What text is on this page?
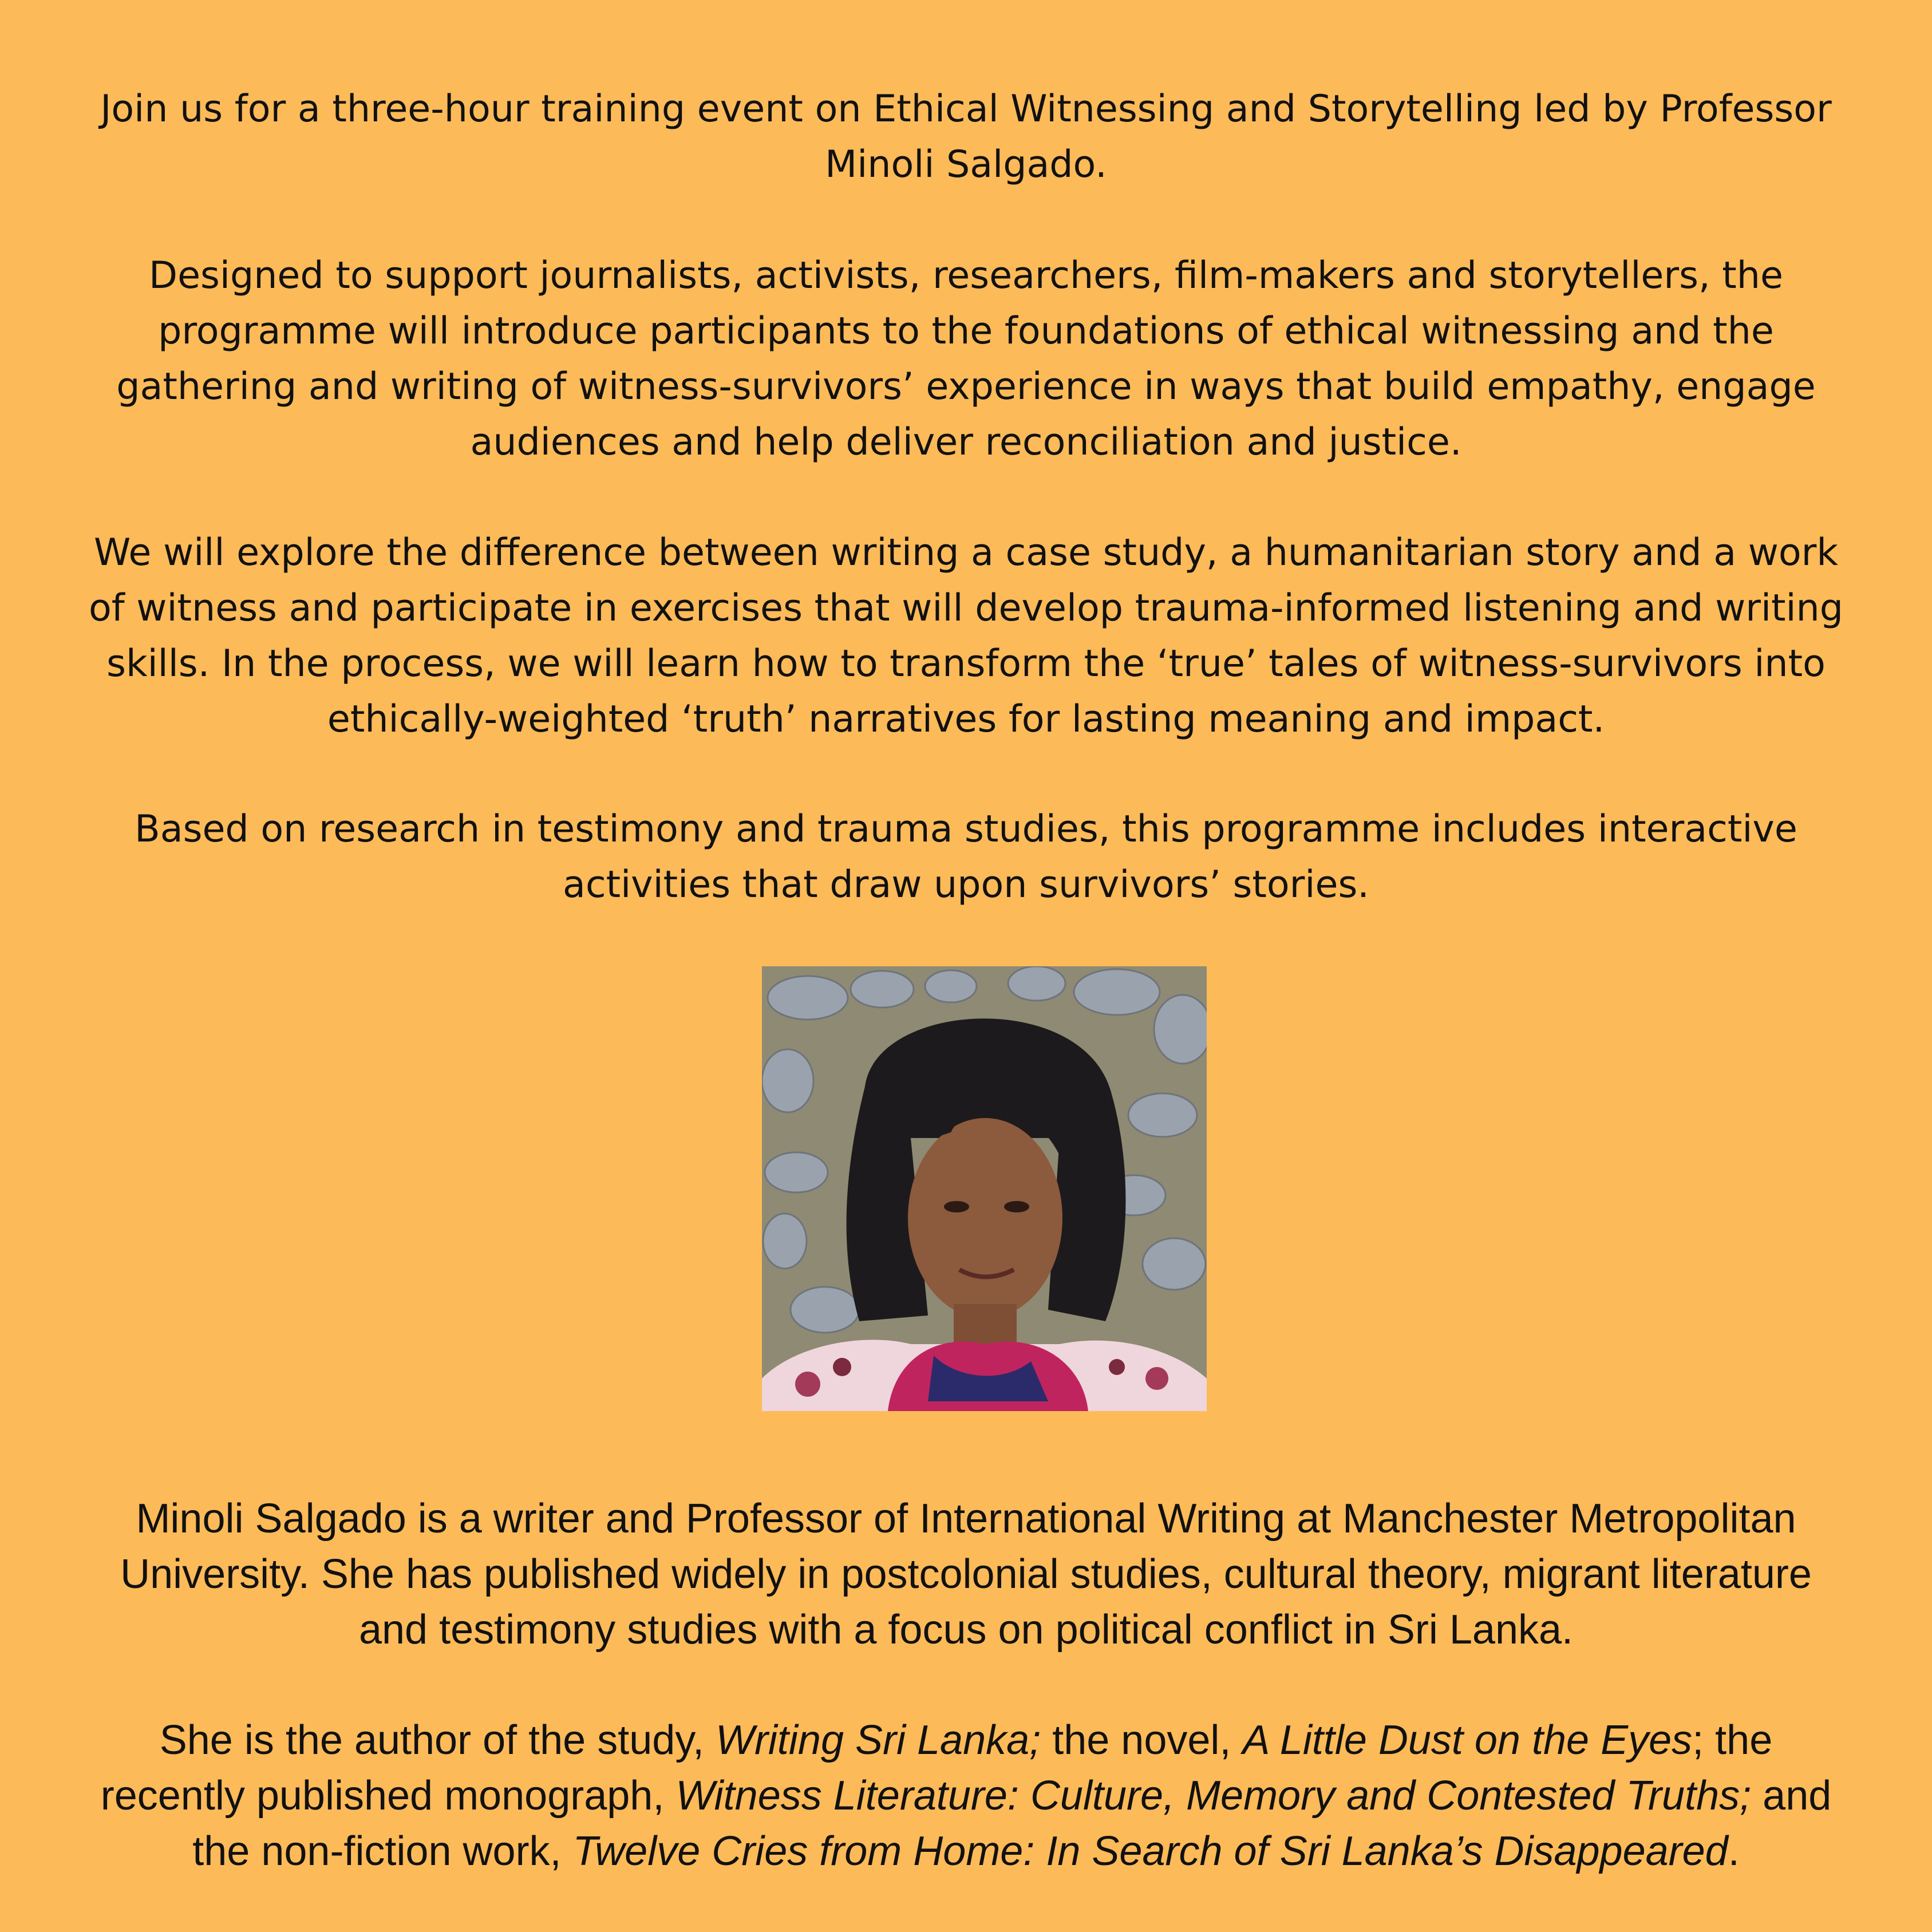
Join us for a three-hour training event on Ethical Witnessing and Storytelling led by Professor Minoli Salgado.

Designed to support journalists, activists, researchers, film-makers and storytellers, the programme will introduce participants to the foundations of ethical witnessing and the gathering and writing of witness-survivors’ experience in ways that build empathy, engage audiences and help deliver reconciliation and justice.

We will explore the difference between writing a case study, a humanitarian story and a work of witness and participate in exercises that will develop trauma-informed listening and writing skills. In the process, we will learn how to transform the ‘true’ tales of witness-survivors into ethically-weighted ‘truth’ narratives for lasting meaning and impact.

Based on research in testimony and trauma studies, this programme includes interactive activities that draw upon survivors’ stories.

Minoli Salgado is a writer and Professor of International Writing at Manchester Metropolitan University. She has published widely in postcolonial studies, cultural theory, migrant literature and testimony studies with a focus on political conflict in Sri Lanka.

She is the author of the study, Writing Sri Lanka; the novel, A Little Dust on the Eyes; the recently published monograph, Witness Literature: Culture, Memory and Contested Truths; and the non-fiction work, Twelve Cries from Home: In Search of Sri Lanka’s Disappeared.
